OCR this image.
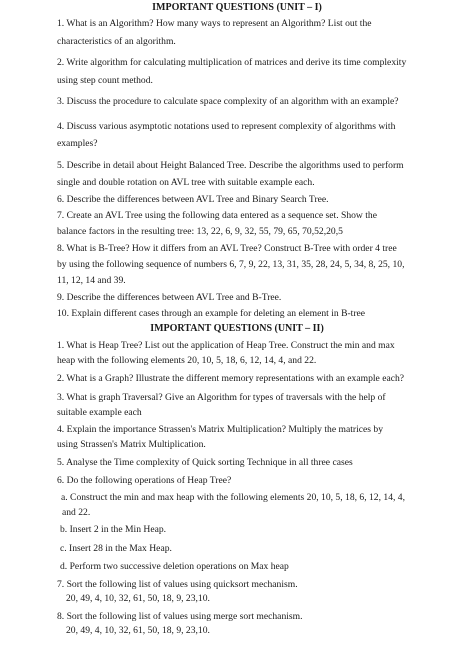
IMPORTANT QUESTIONS (UNIT – I)
1. What is an Algorithm? How many ways to represent an Algorithm? List out the
characteristics of an algorithm.
2. Write algorithm for calculating multiplication of matrices and derive its time complexity
using step count method.
3. Discuss the procedure to calculate space complexity of an algorithm with an example?
4. Discuss various asymptotic notations used to represent complexity of algorithms with
examples?
5. Describe in detail about Height Balanced Tree. Describe the algorithms used to perform
single and double rotation on AVL tree with suitable example each.
6. Describe the differences between AVL Tree and Binary Search Tree.
7. Create an AVL Tree using the following data entered as a sequence set. Show the
balance factors in the resulting tree: 13, 22, 6, 9, 32, 55, 79, 65, 70,52,20,5
8. What is B-Tree? How it differs from an AVL Tree? Construct B-Tree with order 4 tree
by using the following sequence of numbers 6, 7, 9, 22, 13, 31, 35, 28, 24, 5, 34, 8, 25, 10,
11, 12, 14 and 39.
9. Describe the differences between AVL Tree and B-Tree.
10. Explain different cases through an example for deleting an element in B-tree
IMPORTANT QUESTIONS (UNIT – II)
1. What is Heap Tree? List out the application of Heap Tree. Construct the min and max
heap with the following elements 20, 10, 5, 18, 6, 12, 14, 4, and 22.
2. What is a Graph? Illustrate the different memory representations with an example each?
3. What is graph Traversal? Give an Algorithm for types of traversals with the help of
suitable example each
4. Explain the importance Strassen's Matrix Multiplication? Multiply the matrices by
using Strassen's Matrix Multiplication.
5. Analyse the Time complexity of Quick sorting Technique in all three cases
6. Do the following operations of Heap Tree?
a. Construct the min and max heap with the following elements 20, 10, 5, 18, 6, 12, 14, 4,
and 22.
b. Insert 2 in the Min Heap.
c. Insert 28 in the Max Heap.
d. Perform two successive deletion operations on Max heap
7. Sort the following list of values using quicksort mechanism.
20, 49, 4, 10, 32, 61, 50, 18, 9, 23,10.
8. Sort the following list of values using merge sort mechanism.
20, 49, 4, 10, 32, 61, 50, 18, 9, 23,10.
